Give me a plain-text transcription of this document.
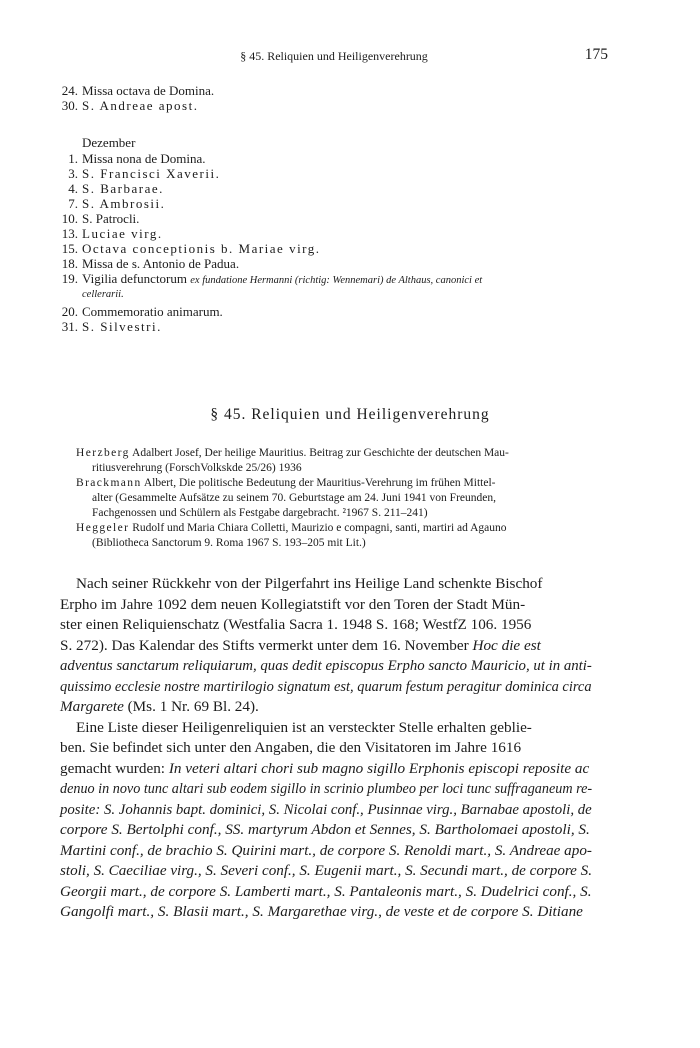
§ 45. Reliquien und Heiligenverehrung	175
24. Missa octava de Domina.
30. S. Andreae apost.
Dezember
1. Missa nona de Domina.
3. S. Francisci Xaverii.
4. S. Barbarae.
7. S. Ambrosii.
10. S. Patrocli.
13. Luciae virg.
15. Octava conceptionis b. Mariae virg.
18. Missa de s. Antonio de Padua.
19. Vigilia defunctorum ex fundatione Hermanni (richtig: Wennemari) de Althaus, canonici et
cellerarii.
20. Commemoratio animarum.
31. S. Silvestri.
§ 45. Reliquien und Heiligenverehrung
Herzberg Adalbert Josef, Der heilige Mauritius. Beitrag zur Geschichte der deutschen Mau-
ritiusverehrung (ForschVolkskde 25/26) 1936
Brackmann Albert, Die politische Bedeutung der Mauritius-Verehrung im frühen Mittel-
alter (Gesammelte Aufsätze zu seinem 70. Geburtstage am 24. Juni 1941 von Freunden,
Fachgenossen und Schülern als Festgabe dargebracht. ²1967 S. 211–241)
Heggeler Rudolf und Maria Chiara Colletti, Maurizio e compagni, santi, martiri ad Agauno
(Bibliotheca Sanctorum 9. Roma 1967 S. 193–205 mit Lit.)
Nach seiner Rückkehr von der Pilgerfahrt ins Heilige Land schenkte Bischof
Erpho im Jahre 1092 dem neuen Kollegiatstift vor den Toren der Stadt Mün-
ster einen Reliquienschatz (Westfalia Sacra 1. 1948 S. 168; WestfZ 106. 1956
S. 272). Das Kalendar des Stifts vermerkt unter dem 16. November Hoc die est
adventus sanctarum reliquiarum, quas dedit episcopus Erpho sancto Mauricio, ut in anti-
quissimo ecclesie nostre martirilogio signatum est, quarum festum peragitur dominica circa
Margarete (Ms. 1 Nr. 69 Bl. 24).
Eine Liste dieser Heiligenreliquien ist an versteckter Stelle erhalten geblie-
ben. Sie befindet sich unter den Angaben, die den Visitatoren im Jahre 1616
gemacht wurden: In veteri altari chori sub magno sigillo Erphonis episcopi reposite ac
denuo in novo tunc altari sub eodem sigillo in scrinio plumbeo per loci tunc suffraganeum re-
posite: S. Johannis bapt. dominici, S. Nicolai conf., Pusinnae virg., Barnabae apostoli, de
corpore S. Bertolphi conf., SS. martyrum Abdon et Sennes, S. Bartholomaei apostoli, S.
Martini conf., de brachio S. Quirini mart., de corpore S. Renoldi mart., S. Andreae apo-
stoli, S. Caeciliae virg., S. Severi conf., S. Eugenii mart., S. Secundi mart., de corpore S.
Georgii mart., de corpore S. Lamberti mart., S. Pantaleonis mart., S. Dudelrici conf., S.
Gangolfi mart., S. Blasii mart., S. Margarethae virg., de veste et de corpore S. Ditiane
